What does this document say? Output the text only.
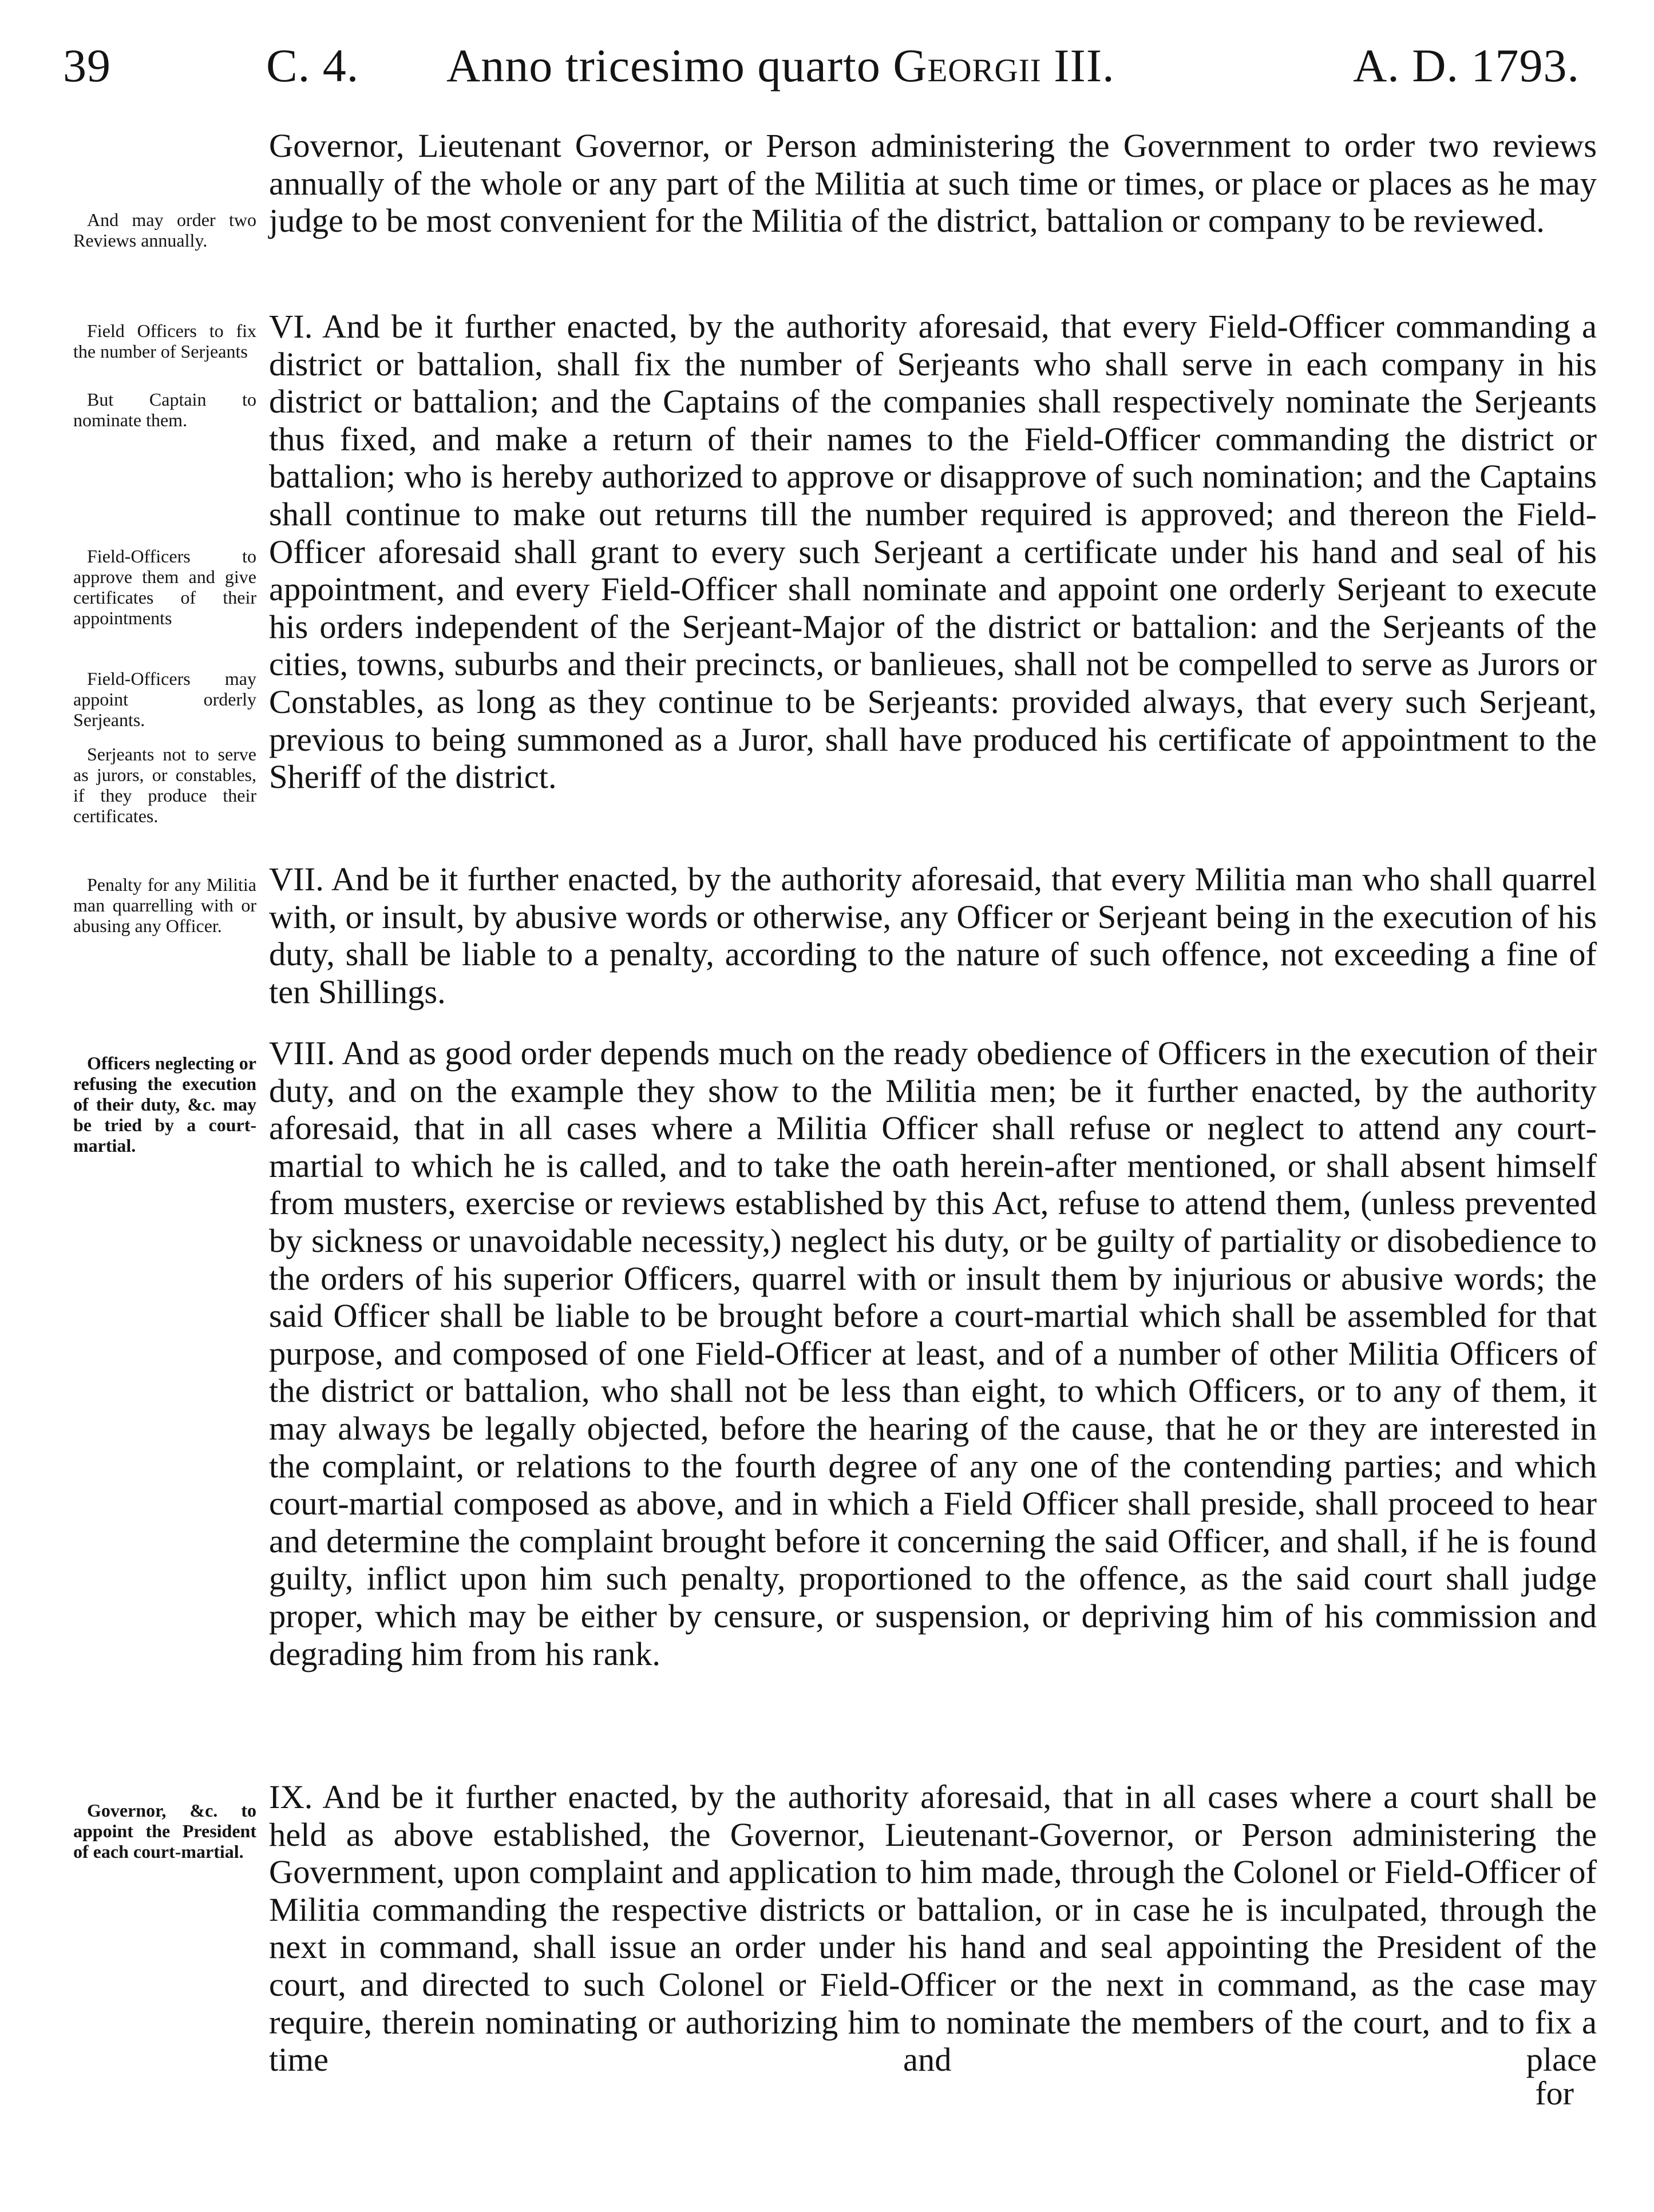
39	C. 4. Anno tricesimo quarto Georgii III.	A. D. 1793.

And may order two Reviews annually.

Field Officers to fix the number of Serjeants

But Captain to nominate them.

Field-Officers to approve them and give certificates of their appointments

Field-Officers may appoint orderly Serjeants.

Serjeants not to serve as jurors, or constables, if they produce their certificates.

Penalty for any Militia man quarrelling with or abusing any Officer.

Officers neglecting or refusing the execution of their duty, &c. may be tried by a court-martial.

Governor, &c. to appoint the President of each court-martial.

Governor, Lieutenant Governor, or Person administering the Government to order two reviews annually of the whole or any part of the Militia at such time or times, or place or places as he may judge to be most convenient for the Militia of the district, battalion or company to be reviewed.

VI. And be it further enacted, by the authority aforesaid, that every Field-Officer commanding a district or battalion, shall fix the number of Serjeants who shall serve in each company in his district or battalion; and the Captains of the companies shall respectively nominate the Serjeants thus fixed, and make a return of their names to the Field-Officer commanding the district or battalion; who is hereby authorized to approve or disapprove of such nomination; and the Captains shall continue to make out returns till the number required is approved; and thereon the Field-Officer aforesaid shall grant to every such Serjeant a certificate under his hand and seal of his appointment, and every Field-Officer shall nominate and appoint one orderly Serjeant to execute his orders independent of the Serjeant-Major of the district or battalion: and the Serjeants of the cities, towns, suburbs and their precincts, or banlieues, shall not be compelled to serve as Jurors or Constables, as long as they continue to be Serjeants: provided always, that every such Serjeant, previous to being summoned as a Juror, shall have produced his certificate of appointment to the Sheriff of the district.

VII. And be it further enacted, by the authority aforesaid, that every Militia man who shall quarrel with, or insult, by abusive words or otherwise, any Officer or Serjeant being in the execution of his duty, shall be liable to a penalty, according to the nature of such offence, not exceeding a fine of ten Shillings.

VIII. And as good order depends much on the ready obedience of Officers in the execution of their duty, and on the example they show to the Militia men; be it further enacted, by the authority aforesaid, that in all cases where a Militia Officer shall refuse or neglect to attend any court-martial to which he is called, and to take the oath herein-after mentioned, or shall absent himself from musters, exercise or reviews established by this Act, refuse to attend them, (unless prevented by sickness or unavoidable necessity,) neglect his duty, or be guilty of partiality or disobedience to the orders of his superior Officers, quarrel with or insult them by injurious or abusive words; the said Officer shall be liable to be brought before a court-martial which shall be assembled for that purpose, and composed of one Field-Officer at least, and of a number of other Militia Officers of the district or battalion, who shall not be less than eight, to which Officers, or to any of them, it may always be legally objected, before the hearing of the cause, that he or they are interested in the complaint, or relations to the fourth degree of any one of the contending parties; and which court-martial composed as above, and in which a Field Officer shall preside, shall proceed to hear and determine the complaint brought before it concerning the said Officer, and shall, if he is found guilty, inflict upon him such penalty, proportioned to the offence, as the said court shall judge proper, which may be either by censure, or suspension, or depriving him of his commission and degrading him from his rank.

IX. And be it further enacted, by the authority aforesaid, that in all cases where a court shall be held as above established, the Governor, Lieutenant-Governor, or Person administering the Government, upon complaint and application to him made, through the Colonel or Field-Officer of Militia commanding the respective districts or battalion, or in case he is inculpated, through the next in command, shall issue an order under his hand and seal appointing the President of the court, and directed to such Colonel or Field-Officer or the next in command, as the case may require, therein nominating or authorizing him to nominate the members of the court, and to fix a time and place

for
